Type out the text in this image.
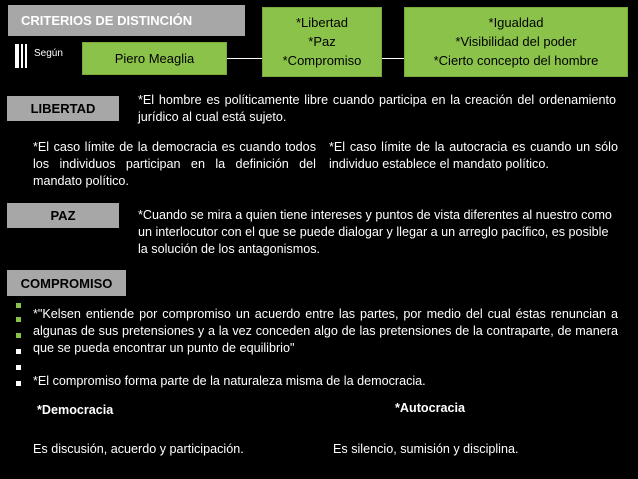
CRITERIOS DE DISTINCIÓN
Según	Piero Meaglia
*Libertad
*Paz
*Compromiso
*Igualdad
*Visibilidad del poder
*Cierto concepto del hombre
LIBERTAD
*El hombre es políticamente libre cuando participa en la creación del ordenamiento jurídico al cual está sujeto.
*El caso límite de la democracia es cuando todos los individuos participan en la definición del mandato político.
*El caso límite de la autocracia es cuando un sólo individuo establece el mandato político.
PAZ	*Cuando se mira a quien tiene intereses y puntos de vista diferentes al nuestro como un interlocutor con el que se puede dialogar y llegar a un arreglo pacífico, es posible la solución de los antagonismos.
COMPROMISO
*"Kelsen entiende por compromiso un acuerdo entre las partes, por medio del cual éstas renuncian a algunas de sus pretensiones y a la vez conceden algo de las pretensiones de la contraparte, de manera que se pueda encontrar un punto de equilibrio"
*El compromiso forma parte de la naturaleza misma de la democracia.
*Democracia	*Autocracia
Es discusión, acuerdo y participación.	Es silencio, sumisión y disciplina.
